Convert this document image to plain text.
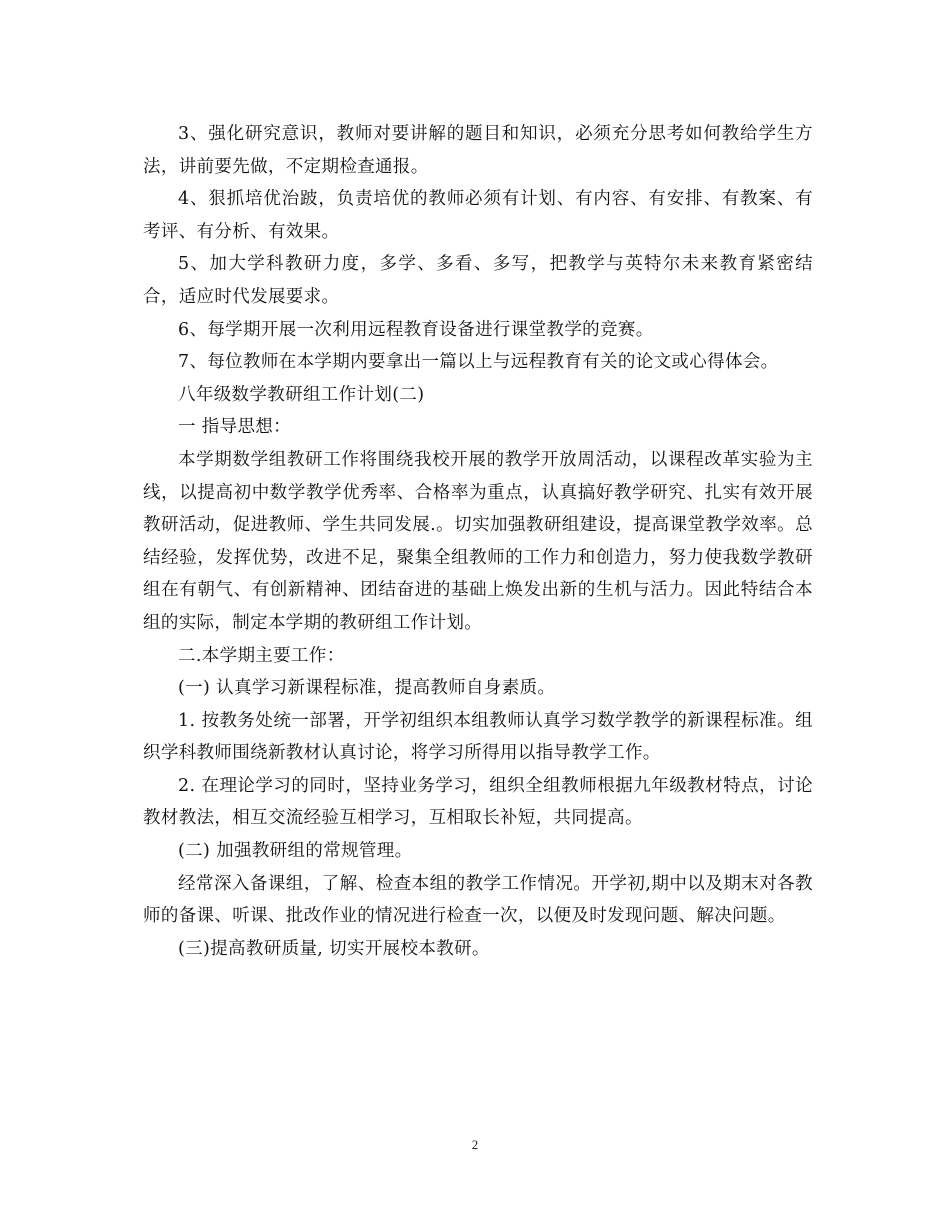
3、强化研究意识，教师对要讲解的题目和知识，必须充分思考如何教给学生方法，讲前要先做，不定期检查通报。

4、狠抓培优治跛，负责培优的教师必须有计划、有内容、有安排、有教案、有考评、有分析、有效果。

5、加大学科教研力度，多学、多看、多写，把教学与英特尔未来教育紧密结合，适应时代发展要求。

6、每学期开展一次利用远程教育设备进行课堂教学的竞赛。

7、每位教师在本学期内要拿出一篇以上与远程教育有关的论文或心得体会。

八年级数学教研组工作计划(二)

一 指导思想：

本学期数学组教研工作将围绕我校开展的教学开放周活动，以课程改革实验为主线，以提高初中数学教学优秀率、合格率为重点，认真搞好教学研究、扎实有效开展教研活动，促进教师、学生共同发展.。切实加强教研组建设，提高课堂教学效率。总结经验，发挥优势，改进不足，聚集全组教师的工作力和创造力，努力使我数学教研组在有朝气、有创新精神、团结奋进的基础上焕发出新的生机与活力。因此特结合本组的实际，制定本学期的教研组工作计划。

二.本学期主要工作：

(一) 认真学习新课程标准，提高教师自身素质。

1. 按教务处统一部署，开学初组织本组教师认真学习数学教学的新课程标准。组织学科教师围绕新教材认真讨论，将学习所得用以指导教学工作。

2. 在理论学习的同时，坚持业务学习，组织全组教师根据九年级教材特点，讨论教材教法，相互交流经验互相学习，互相取长补短，共同提高。

(二) 加强教研组的常规管理。

经常深入备课组，了解、检查本组的教学工作情况。开学初,期中以及期末对各教师的备课、听课、批改作业的情况进行检查一次，以便及时发现问题、解决问题。

(三)提高教研质量, 切实开展校本教研。

2
